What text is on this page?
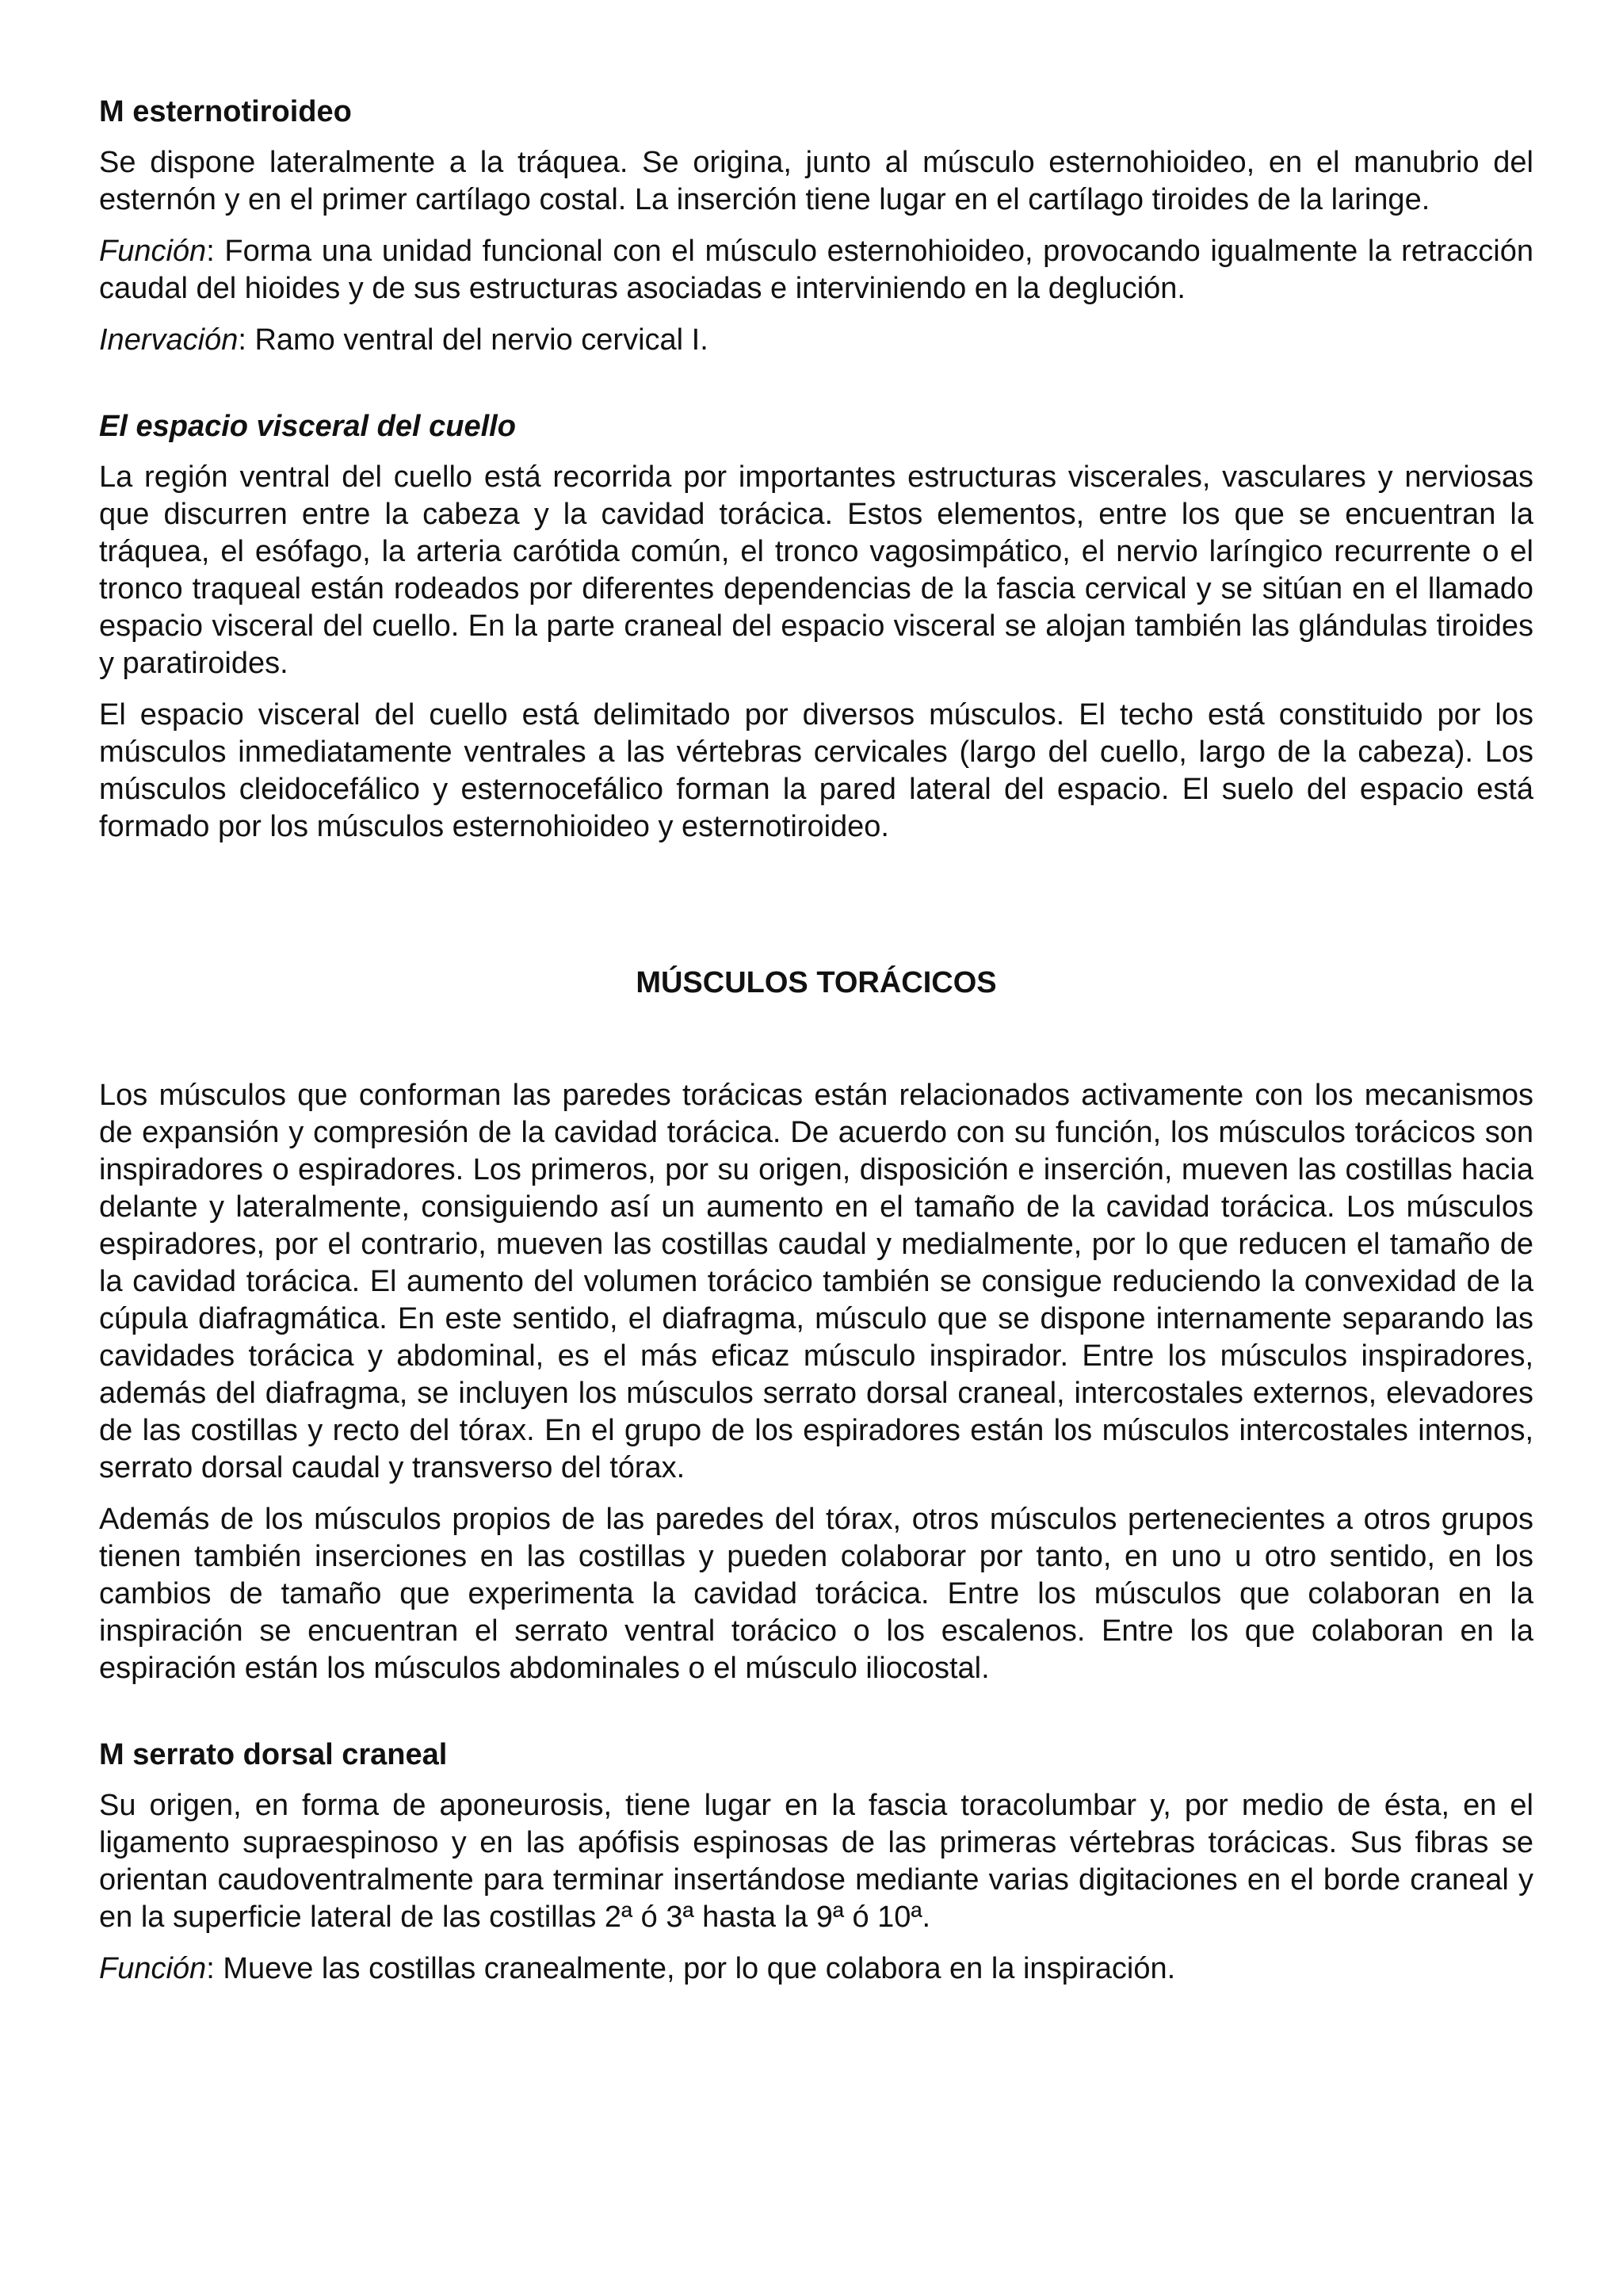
M esternotiroideo

Se dispone lateralmente a la tráquea. Se origina, junto al músculo esternohioideo, en el manubrio del esternón y en el primer cartílago costal. La inserción tiene lugar en el cartílago tiroides de la laringe.

Función: Forma una unidad funcional con el músculo esternohioideo, provocando igualmente la retracción caudal del hioides y de sus estructuras asociadas e interviniendo en la deglución.

Inervación: Ramo ventral del nervio cervical I.

El espacio visceral del cuello

La región ventral del cuello está recorrida por importantes estructuras viscerales, vasculares y nerviosas que discurren entre la cabeza y la cavidad torácica. Estos elementos, entre los que se encuentran la tráquea, el esófago, la arteria carótida común, el tronco vagosimpático, el nervio laríngico recurrente o el tronco traqueal están rodeados por diferentes dependencias de la fascia cervical y se sitúan en el llamado espacio visceral del cuello. En la parte craneal del espacio visceral se alojan también las glándulas tiroides y paratiroides.

El espacio visceral del cuello está delimitado por diversos músculos. El techo está constituido por los músculos inmediatamente ventrales a las vértebras cervicales (largo del cuello, largo de la cabeza). Los músculos cleidocefálico y esternocefálico forman la pared lateral del espacio. El suelo del espacio está formado por los músculos esternohioideo y esternotiroideo.

MÚSCULOS TORÁCICOS

Los músculos que conforman las paredes torácicas están relacionados activamente con los mecanismos de expansión y compresión de la cavidad torácica. De acuerdo con su función, los músculos torácicos son inspiradores o espiradores. Los primeros, por su origen, disposición e inserción, mueven las costillas hacia delante y lateralmente, consiguiendo así un aumento en el tamaño de la cavidad torácica. Los músculos espiradores, por el contrario, mueven las costillas caudal y medialmente, por lo que reducen el tamaño de la cavidad torácica. El aumento del volumen torácico también se consigue reduciendo la convexidad de la cúpula diafragmática. En este sentido, el diafragma, músculo que se dispone internamente separando las cavidades torácica y abdominal, es el más eficaz músculo inspirador. Entre los músculos inspiradores, además del diafragma, se incluyen los músculos serrato dorsal craneal, intercostales externos, elevadores de las costillas y recto del tórax. En el grupo de los espiradores están los músculos intercostales internos, serrato dorsal caudal y transverso del tórax.

Además de los músculos propios de las paredes del tórax, otros músculos pertenecientes a otros grupos tienen también inserciones en las costillas y pueden colaborar por tanto, en uno u otro sentido, en los cambios de tamaño que experimenta la cavidad torácica. Entre los músculos que colaboran en la inspiración se encuentran el serrato ventral torácico o los escalenos. Entre los que colaboran en la espiración están los músculos abdominales o el músculo iliocostal.

M serrato dorsal craneal

Su origen, en forma de aponeurosis, tiene lugar en la fascia toracolumbar y, por medio de ésta, en el ligamento supraespinoso y en las apófisis espinosas de las primeras vértebras torácicas. Sus fibras se orientan caudoventralmente para terminar insertándose mediante varias digitaciones en el borde craneal y en la superficie lateral de las costillas 2ª ó 3ª hasta la 9ª ó 10ª.

Función: Mueve las costillas cranealmente, por lo que colabora en la inspiración.
